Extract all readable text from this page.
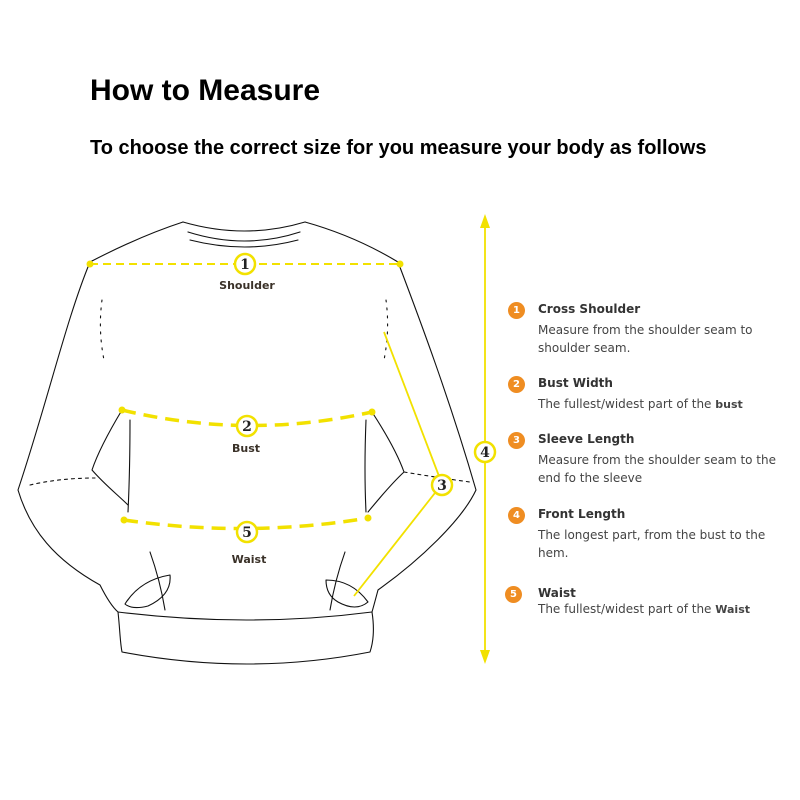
How to Measure
To choose the correct size for you measure your body as follows
1
Shoulder
2
Bust
3
4
5
Waist
1	Cross Shoulder
Measure from the shoulder seam to shoulder seam.
2	Bust Width
The fullest/widest part of the bust
3	Sleeve Length
Measure from the shoulder seam to the end fo the sleeve
4	Front Length
The longest part, from the bust to the hem.
5	Waist
The fullest/widest part of the Waist
